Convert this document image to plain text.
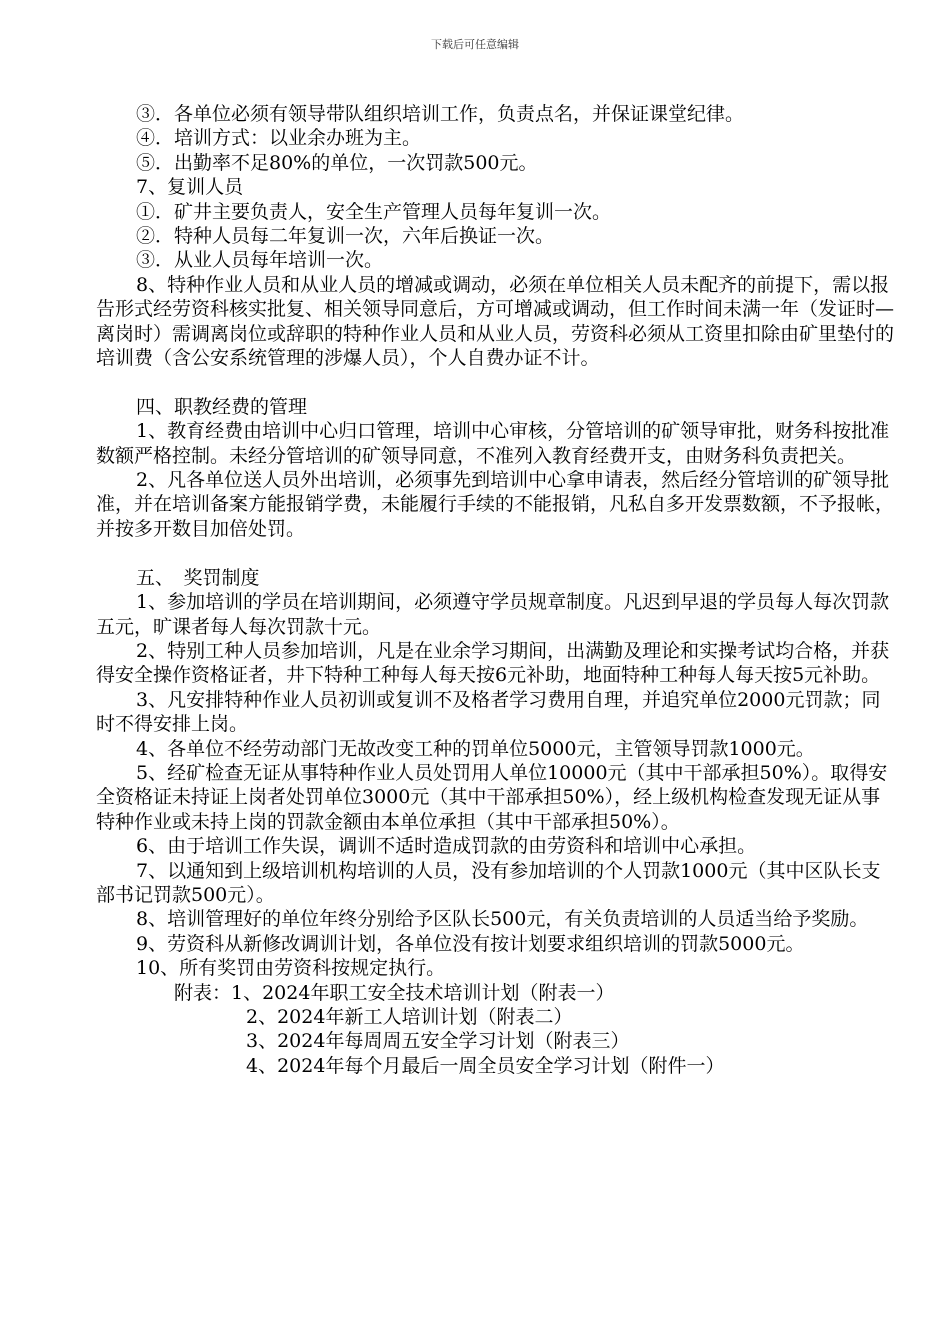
下载后可任意编辑

③．各单位必须有领导带队组织培训工作，负责点名，并保证课堂纪律。

④．培训方式：以业余办班为主。

⑤．出勤率不足80%的单位，一次罚款500元。

7、复训人员

①．矿井主要负责人，安全生产管理人员每年复训一次。

②．特种人员每二年复训一次，六年后换证一次。

③．从业人员每年培训一次。

8、特种作业人员和从业人员的增减或调动，必须在单位相关人员未配齐的前提下，需以报告形式经劳资科核实批复、相关领导同意后，方可增减或调动，但工作时间未满一年（发证时—离岗时）需调离岗位或辞职的特种作业人员和从业人员，劳资科必须从工资里扣除由矿里垫付的培训费（含公安系统管理的涉爆人员），个人自费办证不计。

四、职教经费的管理

1、教育经费由培训中心归口管理，培训中心审核，分管培训的矿领导审批，财务科按批准数额严格控制。未经分管培训的矿领导同意，不准列入教育经费开支，由财务科负责把关。

2、凡各单位送人员外出培训，必须事先到培训中心拿申请表，然后经分管培训的矿领导批准，并在培训备案方能报销学费，未能履行手续的不能报销，凡私自多开发票数额，不予报帐，并按多开数目加倍处罚。

五、　奖罚制度

1、参加培训的学员在培训期间，必须遵守学员规章制度。凡迟到早退的学员每人每次罚款五元，旷课者每人每次罚款十元。

2、特别工种人员参加培训，凡是在业余学习期间，出满勤及理论和实操考试均合格，并获得安全操作资格证者，井下特种工种每人每天按6元补助，地面特种工种每人每天按5元补助。

3、凡安排特种作业人员初训或复训不及格者学习费用自理，并追究单位2000元罚款；同时不得安排上岗。

4、各单位不经劳动部门无故改变工种的罚单位5000元，主管领导罚款1000元。

5、经矿检查无证从事特种作业人员处罚用人单位10000元（其中干部承担50%）。取得安全资格证未持证上岗者处罚单位3000元（其中干部承担50%），经上级机构检查发现无证从事特种作业或未持上岗的罚款金额由本单位承担（其中干部承担50%）。

6、由于培训工作失误，调训不适时造成罚款的由劳资科和培训中心承担。

7、以通知到上级培训机构培训的人员，没有参加培训的个人罚款1000元（其中区队长支部书记罚款500元）。

8、培训管理好的单位年终分别给予区队长500元，有关负责培训的人员适当给予奖励。

9、劳资科从新修改调训计划，各单位没有按计划要求组织培训的罚款5000元。

10、所有奖罚由劳资科按规定执行。

附表：1、2024年职工安全技术培训计划（附表一）

2、2024年新工人培训计划（附表二）

3、2024年每周周五安全学习计划（附表三）

4、2024年每个月最后一周全员安全学习计划（附件一）
